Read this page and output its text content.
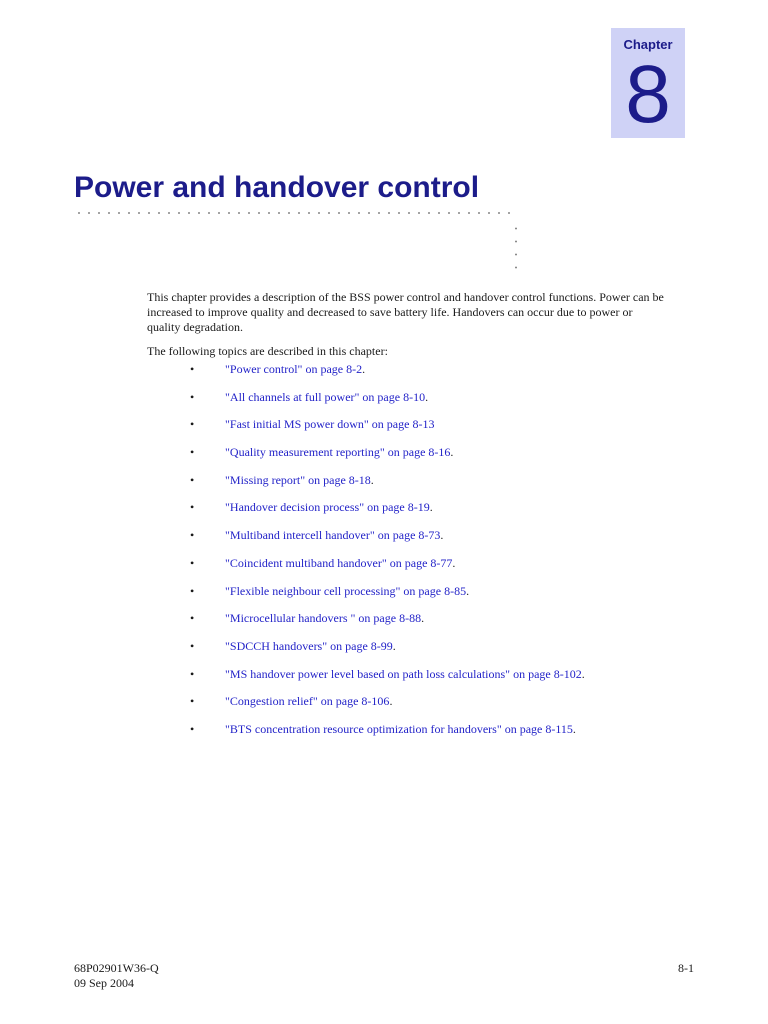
Chapter
8
Power and handover control

This chapter provides a description of the BSS power control and handover control functions. Power can be increased to improve quality and decreased to save battery life. Handovers can occur due to power or quality degradation.

The following topics are described in this chapter:

•	"Power control" on page 8-2.
•	"All channels at full power" on page 8-10.
•	"Fast initial MS power down" on page 8-13
•	"Quality measurement reporting" on page 8-16.
•	"Missing report" on page 8-18.
•	"Handover decision process" on page 8-19.
•	"Multiband intercell handover" on page 8-73.
•	"Coincident multiband handover" on page 8-77.
•	"Flexible neighbour cell processing" on page 8-85.
•	"Microcellular handovers " on page 8-88.
•	"SDCCH handovers" on page 8-99.
•	"MS handover power level based on path loss calculations" on page 8-102.
•	"Congestion relief" on page 8-106.
•	"BTS concentration resource optimization for handovers" on page 8-115.
68P02901W36-Q
09 Sep 2004
8-1
